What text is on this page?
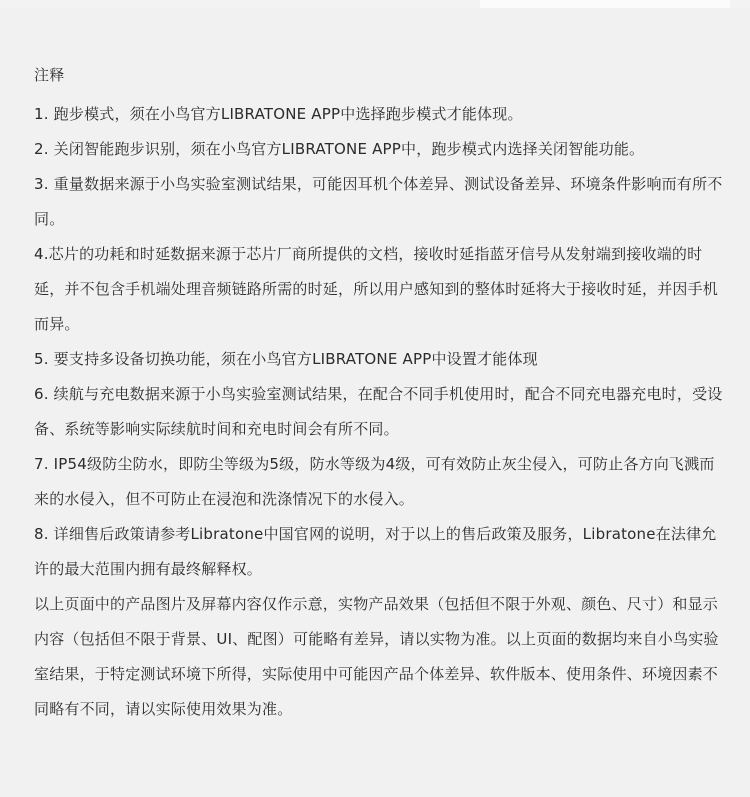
注释

1. 跑步模式，须在小鸟官方LIBRATONE APP中选择跑步模式才能体现。

2. 关闭智能跑步识别，须在小鸟官方LIBRATONE APP中，跑步模式内选择关闭智能功能。

3. 重量数据来源于小鸟实验室测试结果，可能因耳机个体差异、测试设备差异、环境条件影响而有所不同。

4.芯片的功耗和时延数据来源于芯片厂商所提供的文档，接收时延指蓝牙信号从发射端到接收端的时延，并不包含手机端处理音频链路所需的时延，所以用户感知到的整体时延将大于接收时延，并因手机而异。

5. 要支持多设备切换功能，须在小鸟官方LIBRATONE APP中设置才能体现

6. 续航与充电数据来源于小鸟实验室测试结果，在配合不同手机使用时，配合不同充电器充电时，受设备、系统等影响实际续航时间和充电时间会有所不同。

7. IP54级防尘防水，即防尘等级为5级，防水等级为4级，可有效防止灰尘侵入，可防止各方向飞溅而来的水侵入，但不可防止在浸泡和洗涤情况下的水侵入。

8. 详细售后政策请参考Libratone中国官网的说明，对于以上的售后政策及服务，Libratone在法律允许的最大范围内拥有最终解释权。

以上页面中的产品图片及屏幕内容仅作示意，实物产品效果（包括但不限于外观、颜色、尺寸）和显示内容（包括但不限于背景、UI、配图）可能略有差异，请以实物为准。以上页面的数据均来自小鸟实验室结果，于特定测试环境下所得，实际使用中可能因产品个体差异、软件版本、使用条件、环境因素不同略有不同，请以实际使用效果为准。
